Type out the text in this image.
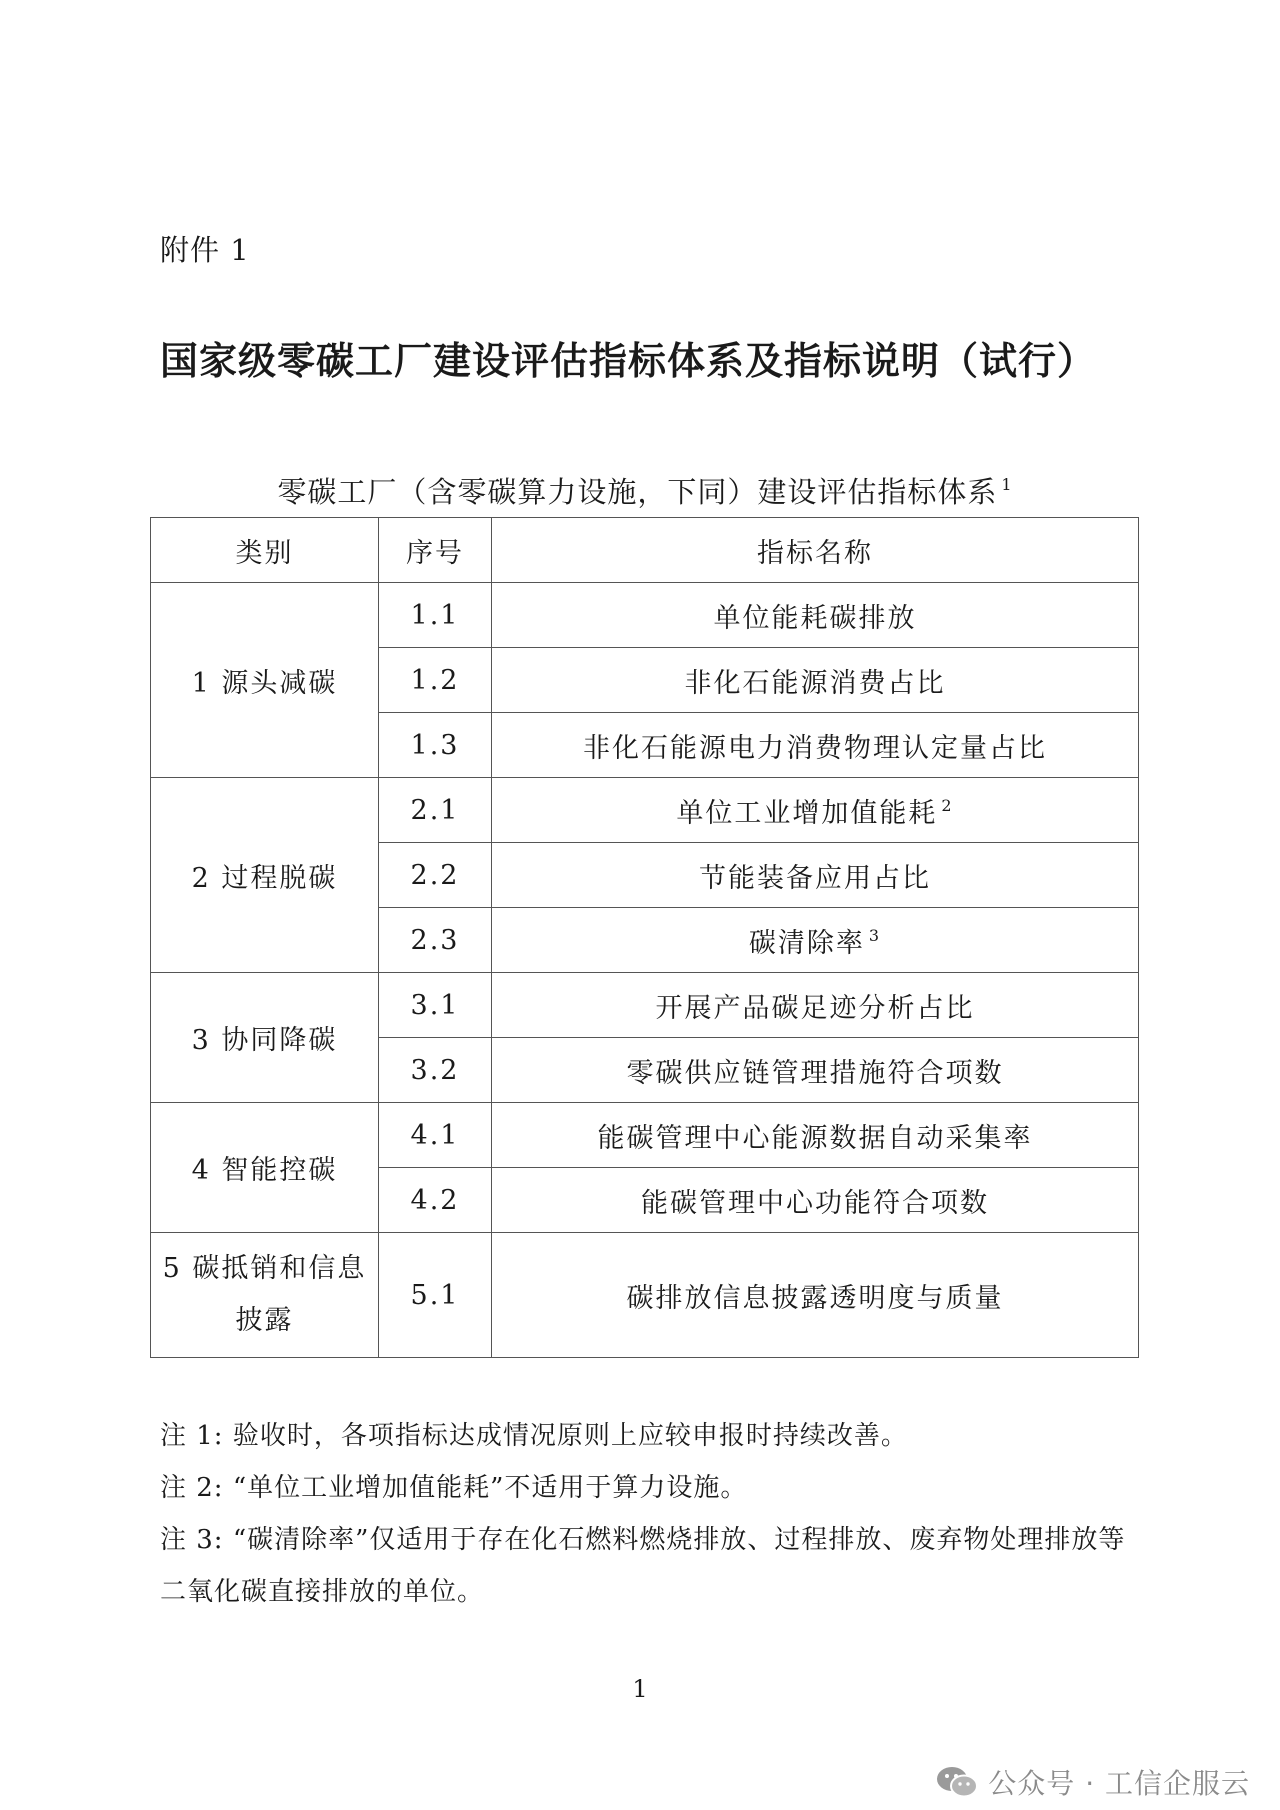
附件 1
国家级零碳工厂建设评估指标体系及指标说明（试行）
零碳工厂（含零碳算力设施，下同）建设评估指标体系 $^1$
类别	序号	指标名称
1 源头减碳	1.1	单位能耗碳排放
	1.2	非化石能源消费占比
	1.3	非化石能源电力消费物理认定量占比
2 过程脱碳	2.1	单位工业增加值能耗 $^2$
	2.2	节能装备应用占比
	2.3	碳清除率 $^3$
3 协同降碳	3.1	开展产品碳足迹分析占比
	3.2	零碳供应链管理措施符合项数
4 智能控碳	4.1	能碳管理中心能源数据自动采集率
	4.2	能碳管理中心功能符合项数
5 碳抵销和信息披露	5.1	碳排放信息披露透明度与质量

注 1: 验收时，各项指标达成情况原则上应较申报时持续改善。

注 2: “单位工业增加值能耗”不适用于算力设施。

注 3: “碳清除率”仅适用于存在化石燃料燃烧排放、过程排放、废弃物处理排放等二氧化碳直接排放的单位。

1
公众号 · 工信企服云
